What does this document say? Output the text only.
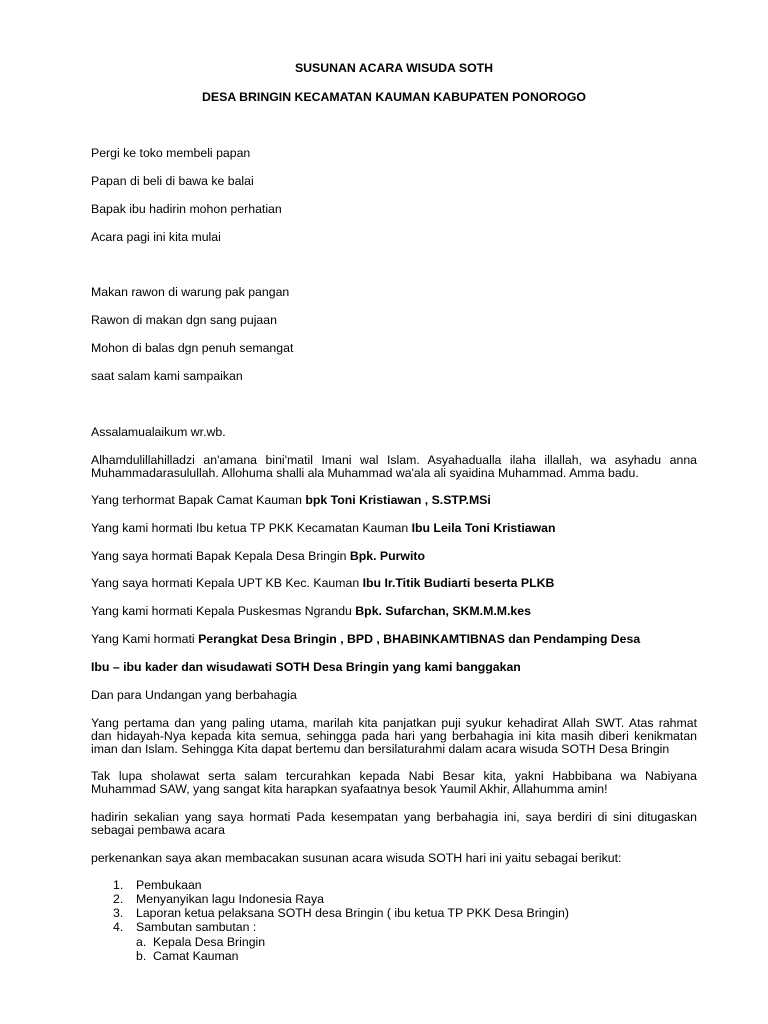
SUSUNAN ACARA WISUDA SOTH
DESA BRINGIN KECAMATAN KAUMAN KABUPATEN PONOROGO
Pergi ke toko membeli papan
Papan di beli di bawa ke balai
Bapak ibu hadirin mohon perhatian
Acara pagi ini kita mulai
Makan rawon di warung pak pangan
Rawon di makan dgn sang pujaan
Mohon di balas dgn penuh semangat
saat salam kami sampaikan
Assalamualaikum wr.wb.
Alhamdulillahilladzi an'amana bini'matil Imani wal Islam. Asyahadualla ilaha illallah, wa asyhadu anna
Muhammadarasulullah. Allohuma shalli ala Muhammad wa'ala ali syaidina Muhammad. Amma badu.
Yang terhormat Bapak Camat Kauman bpk Toni Kristiawan , S.STP.MSi
Yang kami hormati Ibu ketua TP PKK Kecamatan Kauman Ibu Leila Toni Kristiawan
Yang saya hormati Bapak Kepala Desa Bringin Bpk. Purwito
Yang saya hormati Kepala UPT KB Kec. Kauman Ibu Ir.Titik Budiarti beserta PLKB
Yang kami hormati Kepala Puskesmas Ngrandu Bpk. Sufarchan, SKM.M.M.kes
Yang Kami hormati Perangkat Desa Bringin , BPD , BHABINKAMTIBNAS dan Pendamping Desa
Ibu – ibu kader dan wisudawati SOTH Desa Bringin yang kami banggakan
Dan para Undangan yang berbahagia
Yang pertama dan yang paling utama, marilah kita panjatkan puji syukur kehadirat Allah SWT. Atas rahmat
dan hidayah-Nya kepada kita semua, sehingga pada hari yang berbahagia ini kita masih diberi kenikmatan
iman dan Islam. Sehingga Kita dapat bertemu dan bersilaturahmi dalam acara wisuda SOTH Desa Bringin
Tak lupa sholawat serta salam tercurahkan kepada Nabi Besar kita, yakni Habbibana wa Nabiyana
Muhammad SAW, yang sangat kita harapkan syafaatnya besok Yaumil Akhir, Allahumma amin!
hadirin sekalian yang saya hormati Pada kesempatan yang berbahagia ini, saya berdiri di sini ditugaskan
sebagai pembawa acara
perkenankan saya akan membacakan susunan acara wisuda SOTH hari ini yaitu sebagai berikut:
1.	Pembukaan
2.	Menyanyikan lagu Indonesia Raya
3.	Laporan ketua pelaksana SOTH desa Bringin ( ibu ketua TP PKK Desa Bringin)
4.	Sambutan sambutan :
a. Kepala Desa Bringin
b. Camat Kauman
